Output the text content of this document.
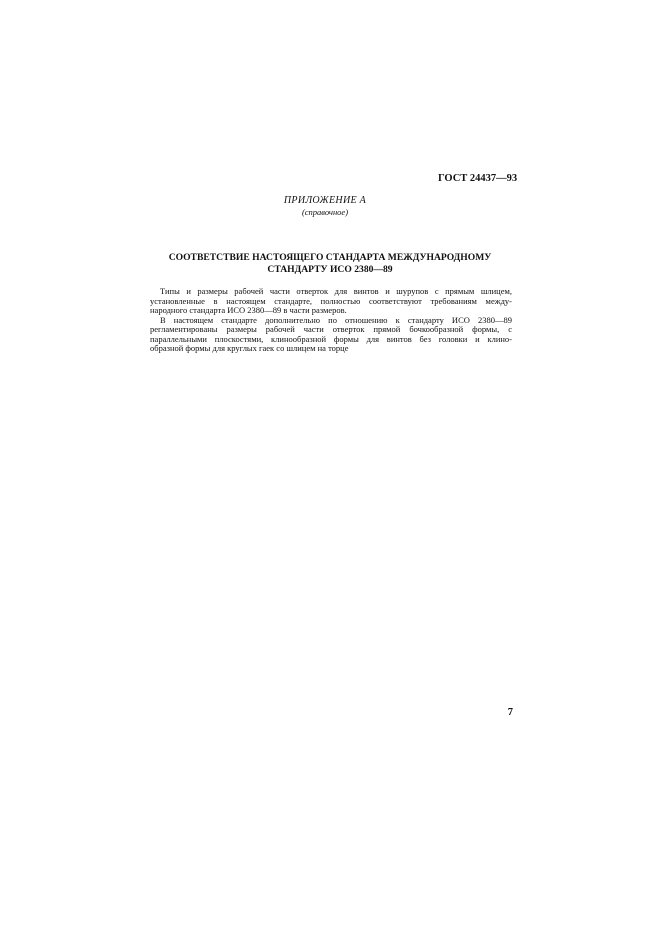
ГОСТ 24437—93
ПРИЛОЖЕНИЕ А
(справочное)
СООТВЕТСТВИЕ НАСТОЯЩЕГО СТАНДАРТА МЕЖДУНАРОДНОМУ
СТАНДАРТУ ИСО 2380—89
Типы и размеры рабочей части отверток для винтов и шурупов с прямым шлицем,
установленные в настоящем стандарте, полностью соответствуют требованиям между-
народного стандарта ИСО 2380—89 в части размеров.
В настоящем стандарте дополнительно по отношению к стандарту ИСО 2380—89
регламентированы размеры рабочей части отверток прямой бочкообразной формы, с
параллельными плоскостями, клинообразной формы для винтов без головки и клино-
образной формы для круглых гаек со шлицем на торце
7
